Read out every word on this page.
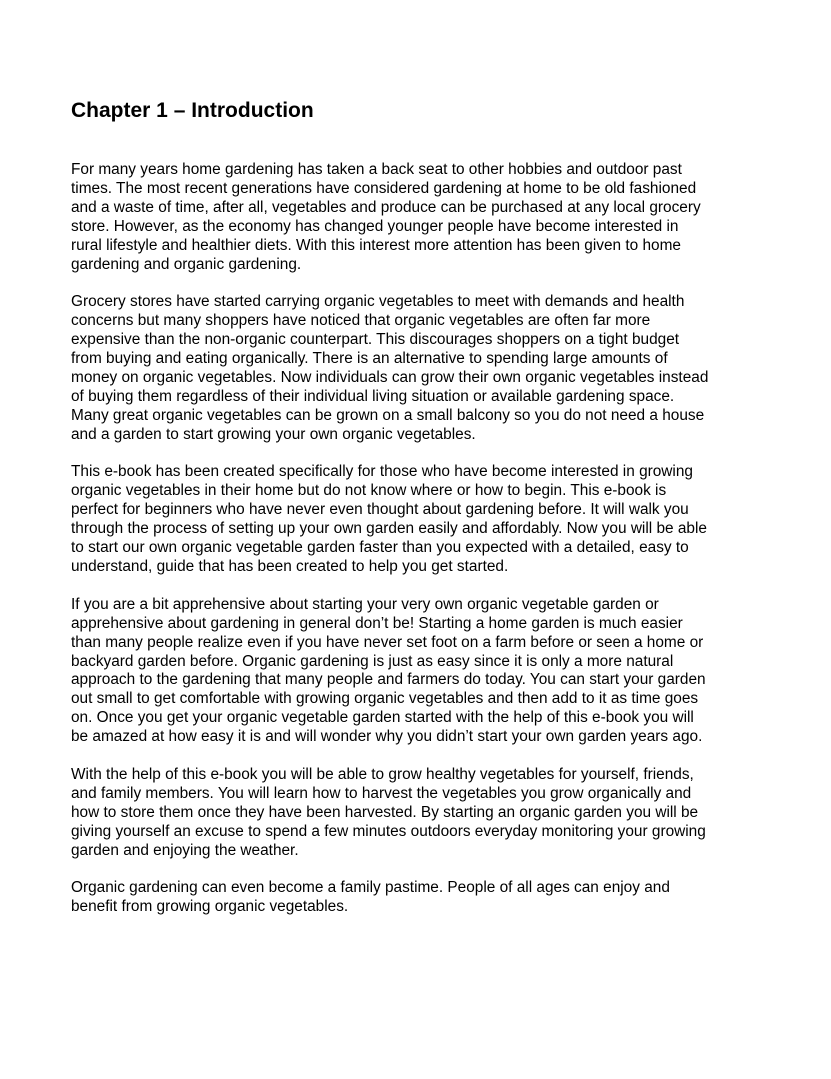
Chapter 1 – Introduction

For many years home gardening has taken a back seat to other hobbies and outdoor past
times. The most recent generations have considered gardening at home to be old fashioned
and a waste of time, after all, vegetables and produce can be purchased at any local grocery
store. However, as the economy has changed younger people have become interested in
rural lifestyle and healthier diets. With this interest more attention has been given to home
gardening and organic gardening.

Grocery stores have started carrying organic vegetables to meet with demands and health
concerns but many shoppers have noticed that organic vegetables are often far more
expensive than the non-organic counterpart. This discourages shoppers on a tight budget
from buying and eating organically. There is an alternative to spending large amounts of
money on organic vegetables. Now individuals can grow their own organic vegetables instead
of buying them regardless of their individual living situation or available gardening space.
Many great organic vegetables can be grown on a small balcony so you do not need a house
and a garden to start growing your own organic vegetables.

This e-book has been created specifically for those who have become interested in growing
organic vegetables in their home but do not know where or how to begin. This e-book is
perfect for beginners who have never even thought about gardening before. It will walk you
through the process of setting up your own garden easily and affordably. Now you will be able
to start our own organic vegetable garden faster than you expected with a detailed, easy to
understand, guide that has been created to help you get started.

If you are a bit apprehensive about starting your very own organic vegetable garden or
apprehensive about gardening in general don’t be! Starting a home garden is much easier
than many people realize even if you have never set foot on a farm before or seen a home or
backyard garden before. Organic gardening is just as easy since it is only a more natural
approach to the gardening that many people and farmers do today. You can start your garden
out small to get comfortable with growing organic vegetables and then add to it as time goes
on. Once you get your organic vegetable garden started with the help of this e-book you will
be amazed at how easy it is and will wonder why you didn’t start your own garden years ago.

With the help of this e-book you will be able to grow healthy vegetables for yourself, friends,
and family members. You will learn how to harvest the vegetables you grow organically and
how to store them once they have been harvested. By starting an organic garden you will be
giving yourself an excuse to spend a few minutes outdoors everyday monitoring your growing
garden and enjoying the weather.

Organic gardening can even become a family pastime. People of all ages can enjoy and
benefit from growing organic vegetables.
